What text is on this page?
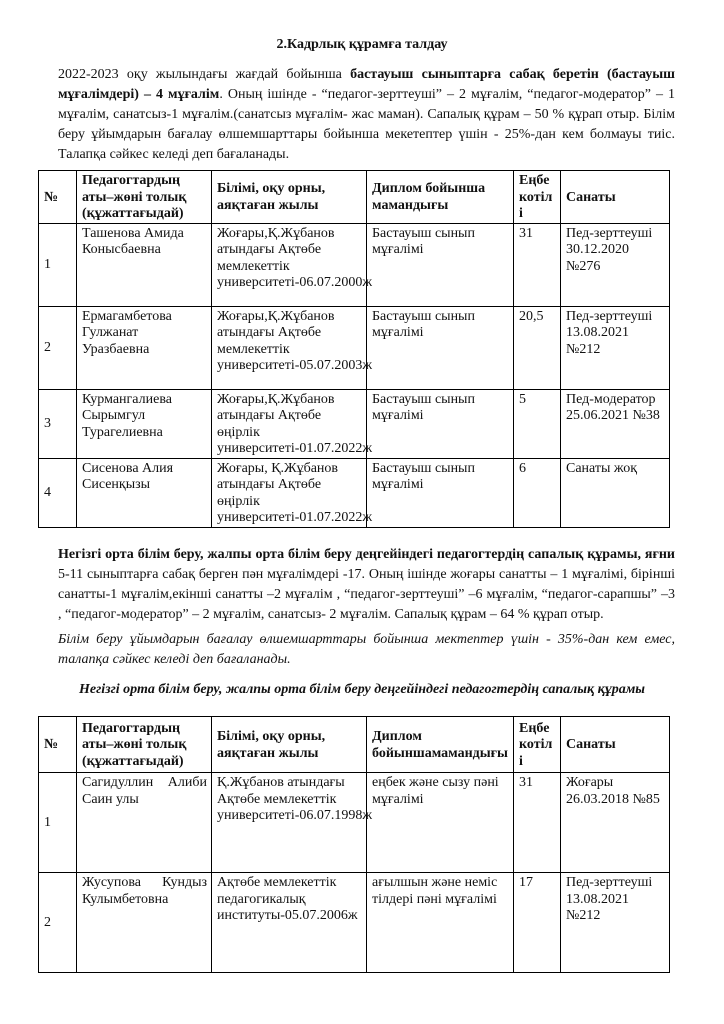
2.Кадрлық құрамға талдау

2022-2023 оқу жылындағы жағдай бойынша бастауыш сыныптарға сабақ беретін (бастауыш мұғалімдері) – 4 мұғалім. Оның ішінде - “педагог-зерттеуші” – 2 мұғалім, “педагог-модератор” – 1 мұғалім, санатсыз-1 мұғалім.(санатсыз мұғалім- жас маман). Сапалық құрам – 50 % құрап отыр. Білім беру ұйымдарын бағалау өлшемшарттары бойынша мекетептер үшін - 25%-дан кем болмауы тиіс. Талапқа сәйкес келеді деп бағаланады.

№	Педагогтардың аты–жөні толық (құжаттағыдай)	Білімі, оқу орны, аяқтаған жылы	Диплом бойынша мамандығы	Еңбе котіл і	Санаты
1	Ташенова Амида Конысбаевна	Жоғары,Қ.Жұбанов атындағы Ақтөбе мемлекеттік университеті-06.07.2000ж	Бастауыш сынып мұғалімі	31	Пед-зерттеуші 30.12.2020 №276
2	Ермагамбетова Гулжанат Уразбаевна	Жоғары,Қ.Жұбанов атындағы Ақтөбе мемлекеттік университеті-05.07.2003ж	Бастауыш сынып мұғалімі	20,5	Пед-зерттеуші 13.08.2021 №212
3	Курмангалиева Сырымгул Турагелиевна	Жоғары,Қ.Жұбанов атындағы Ақтөбе өңірлік университеті-01.07.2022ж	Бастауыш сынып мұғалімі	5	Пед-модератор 25.06.2021 №38
4	Сисенова Алия Сисенқызы	Жоғары, Қ.Жұбанов атындағы Ақтөбе өңірлік университеті-01.07.2022ж	Бастауыш сынып мұғалімі	6	Санаты жоқ

Негізгі орта білім беру, жалпы орта білім беру деңгейіндегі педагогтердің сапалық құрамы, яғни 5-11 сыныптарға сабақ берген пән мұғалімдері -17. Оның ішінде жоғары санатты – 1 мұғалімі, бірінші санатты-1 мұғалім,екінші санатты –2 мұғалім , “педагог-зерттеуші” –6 мұғалім, “педагог-сарапшы” –3 , “педагог-модератор” – 2 мұғалім, санатсыз- 2 мұғалім. Сапалық құрам – 64 % құрап отыр.

Білім беру ұйымдарын бағалау өлшемшарттары бойынша мектептер үшін - 35%-дан кем емес, талапқа сәйкес келеді деп бағаланады.

Негізгі орта білім беру, жалпы орта білім беру деңгейіндегі педагогтердің сапалық құрамы
№	Педагогтардың аты–жөні толық (құжаттағыдай)	Білімі, оқу орны, аяқтаған жылы	Диплом бойыншамамандығы	Еңбе котіл і	Санаты
1	Сагидуллин Алиби Саин улы	Қ.Жұбанов атындағы Ақтөбе мемлекеттік университеті-06.07.1998ж	еңбек және сызу пәні мұғалімі	31	Жоғары 26.03.2018 №85
2	Жусупова Кундыз Кулымбетовна	Ақтөбе мемлекеттік педагогикалық институты-05.07.2006ж	ағылшын және неміс тілдері пәні мұғалімі	17	Пед-зерттеуші 13.08.2021 №212
